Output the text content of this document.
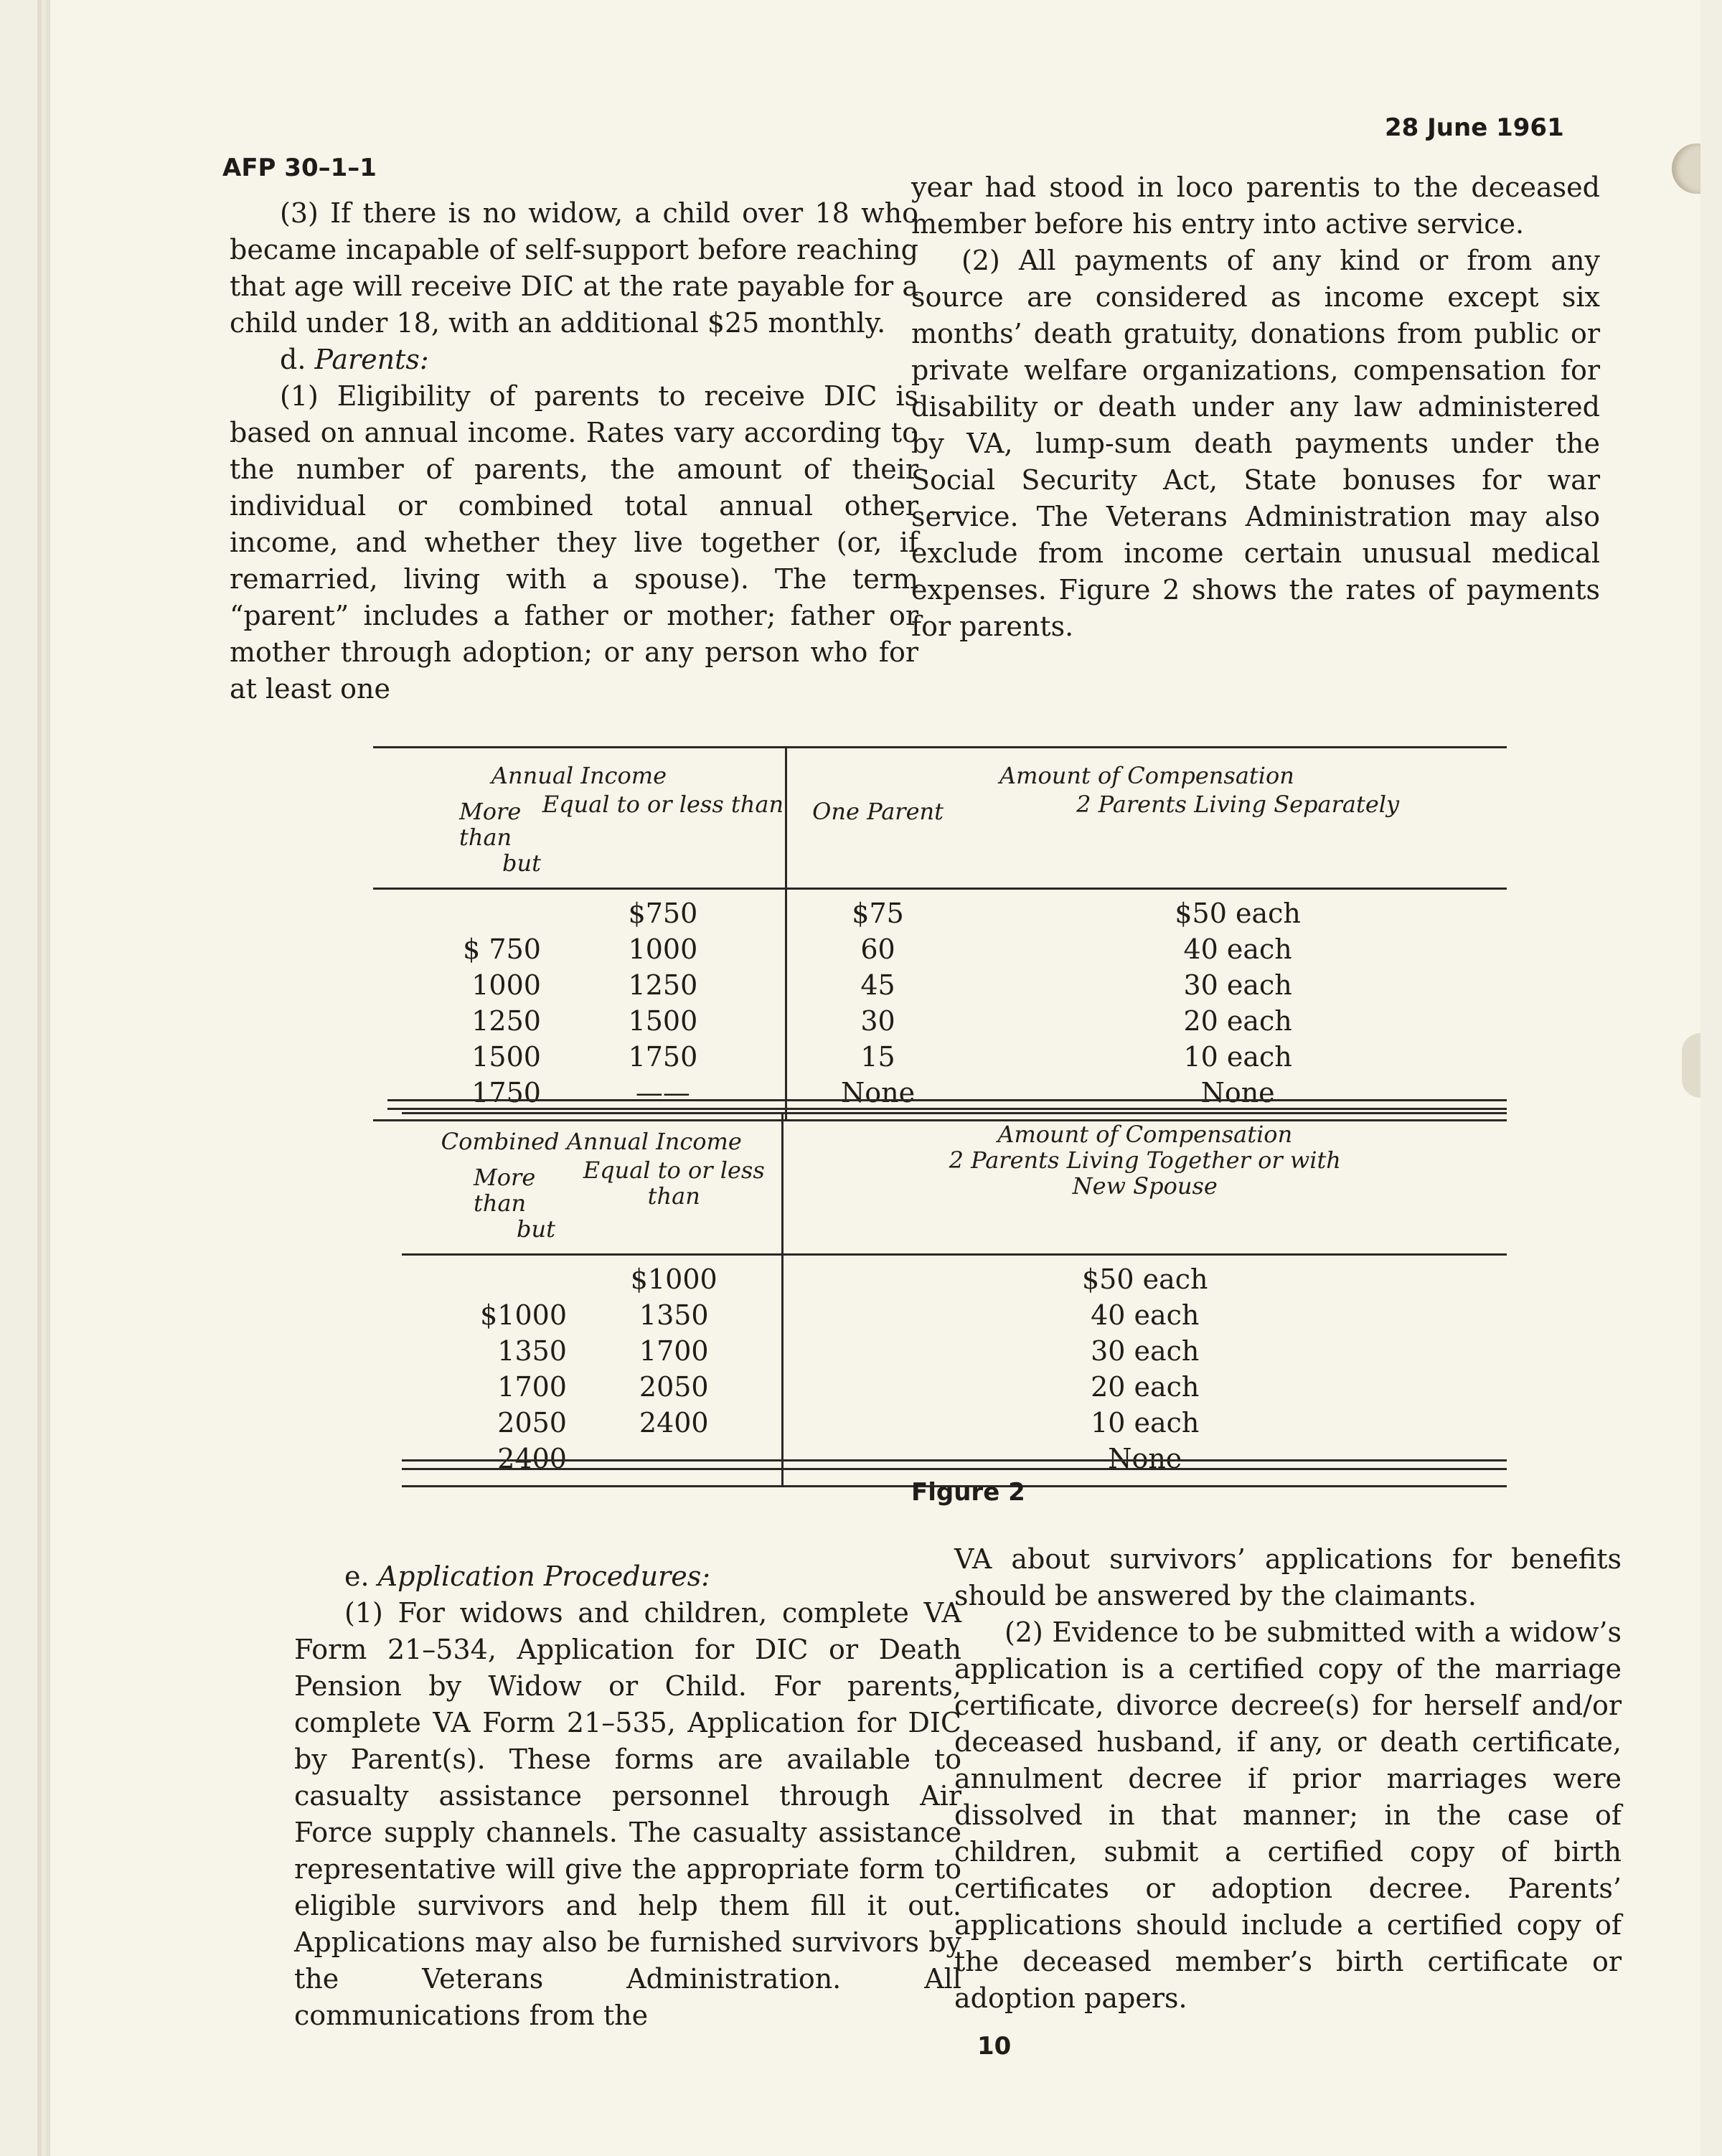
AFP 30–1–1
28 June 1961

(3) If there is no widow, a child over 18 who became incapable of self-support before reaching that age will receive DIC at the rate payable for a child under 18, with an additional $25 monthly.

d. Parents:

(1) Eligibility of parents to receive DIC is based on annual income. Rates vary according to the number of parents, the amount of their individual or combined total annual other income, and whether they live together (or, if remarried, living with a spouse). The term “parent” includes a father or mother; father or mother through adoption; or any person who for at least one

year had stood in loco parentis to the deceased member before his entry into active service.

(2) All payments of any kind or from any source are considered as income except six months’ death gratuity, donations from public or private welfare organizations, compensation for disability or death under any law administered by VA, lump-sum death payments under the Social Security Act, State bonuses for war service. The Veterans Administration may also exclude from income certain unusual medical expenses. Figure 2 shows the rates of payments for parents.

Annual Income		Amount of Compensation	
More than
but	Equal to or less than	One Parent	2 Parents Living Separately
	$750	$75	$50 each
$ 750	1000	60	40 each
1000	1250	45	30 each
1250	1500	30	20 each
1500	1750	15	10 each
1750	——	None	None
Combined Annual Income		Amount of Compensation
2 Parents Living Together or with New Spouse
More than
but	Equal to or less than	
	$1000	$50 each
$1000	1350	40 each
1350	1700	30 each
1700	2050	20 each
2050	2400	10 each
2400	——	None
Figure 2

e. Application Procedures:

(1) For widows and children, complete VA Form 21–534, Application for DIC or Death Pension by Widow or Child. For parents, complete VA Form 21–535, Application for DIC by Parent(s). These forms are available to casualty assistance personnel through Air Force supply channels. The casualty assistance representative will give the appropriate form to eligible survivors and help them fill it out. Applications may also be furnished survivors by the Veterans Administration. All communications from the

VA about survivors’ applications for benefits should be answered by the claimants.

(2) Evidence to be submitted with a widow’s application is a certified copy of the marriage certificate, divorce decree(s) for herself and/or deceased husband, if any, or death certificate, annulment decree if prior marriages were dissolved in that manner; in the case of children, submit a certified copy of birth certificates or adoption decree. Parents’ applications should include a certified copy of the deceased member’s birth certificate or adoption papers.

10
